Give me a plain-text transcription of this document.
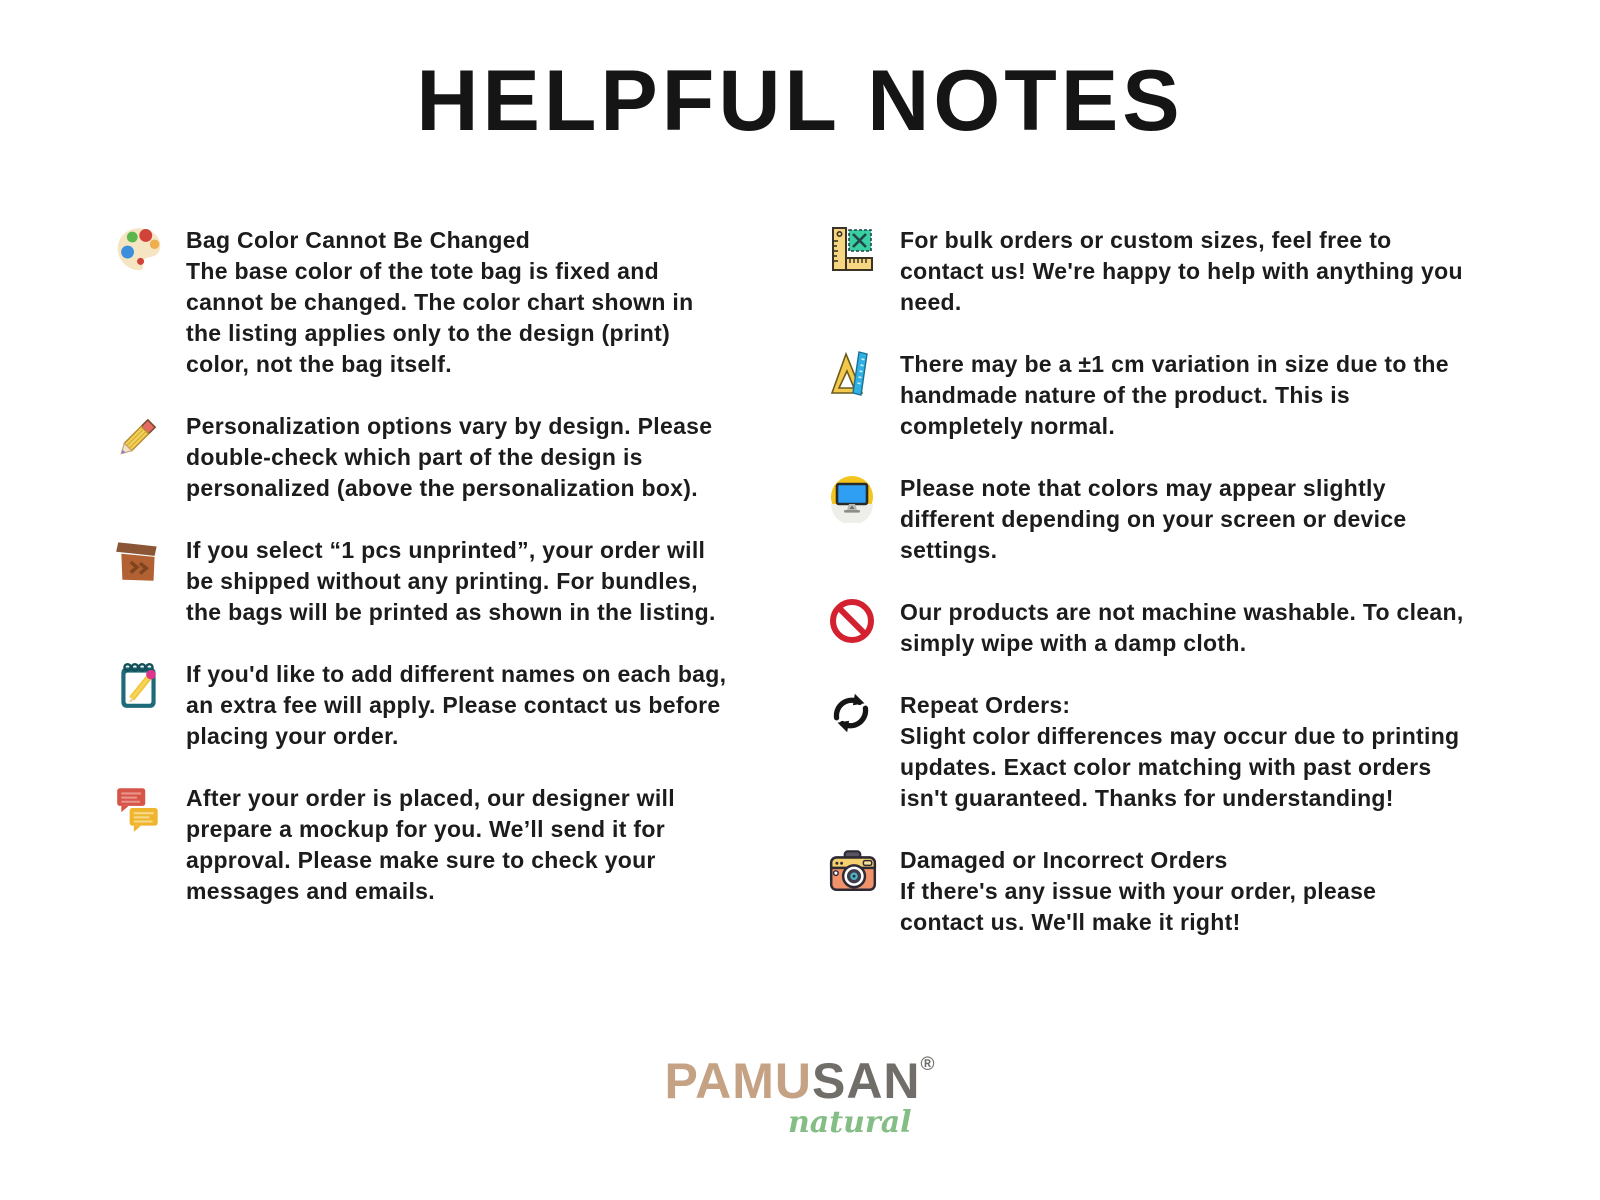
HELPFUL NOTES
Bag Color Cannot Be Changed
The base color of the tote bag is fixed and cannot be changed. The color chart shown in the listing applies only to the design (print) color, not the bag itself.
Personalization options vary by design. Please double-check which part of the design is personalized (above the personalization box).
If you select “1 pcs unprinted”, your order will be shipped without any printing. For bundles, the bags will be printed as shown in the listing.
If you'd like to add different names on each bag, an extra fee will apply. Please contact us before placing your order.
After your order is placed, our designer will prepare a mockup for you. We’ll send it for approval. Please make sure to check your messages and emails.
For bulk orders or custom sizes, feel free to contact us! We're happy to help with anything you need.
There may be a ±1 cm variation in size due to the handmade nature of the product. This is completely normal.
Please note that colors may appear slightly different depending on your screen or device settings.
Our products are not machine washable. To clean, simply wipe with a damp cloth.
Repeat Orders:
Slight color differences may occur due to printing updates. Exact color matching with past orders isn't guaranteed. Thanks for understanding!
Damaged or Incorrect Orders
If there's any issue with your order, please contact us. We'll make it right!
PAMUSAN®
natural
